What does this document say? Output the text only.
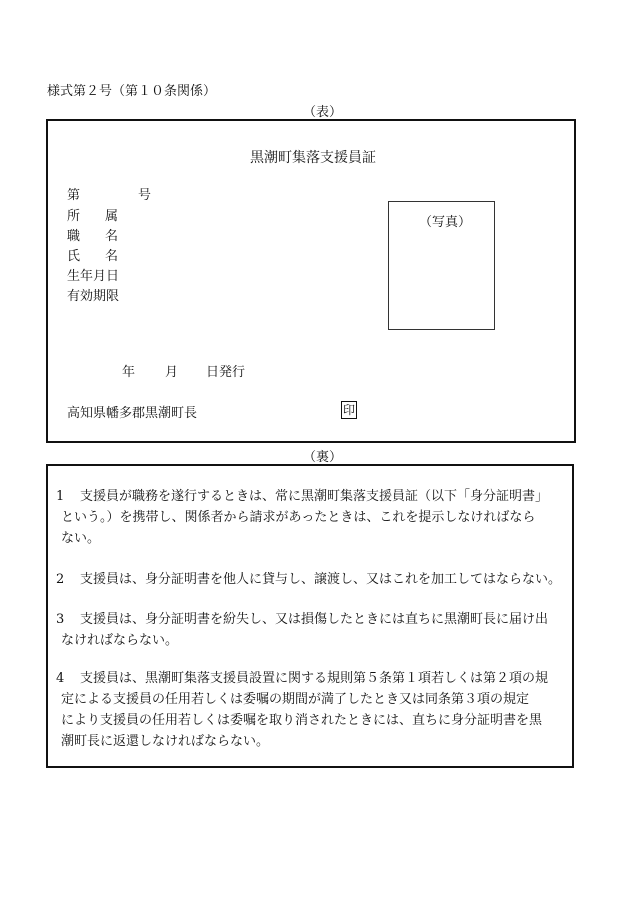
様式第２号（第１０条関係）
（表）
黒潮町集落支援員証
第	号
所 属
職 名
氏 名
生年月日
有効期限
（写真）
年 月 日発行
高知県幡多郡黒潮町長	印
（裏）
1	支援員が職務を遂行するときは、常に黒潮町集落支援員証（以下「身分証明書」
という。）を携帯し、関係者から請求があったときは、これを提示しなければなら
ない。
2	支援員は、身分証明書を他人に貸与し、譲渡し、又はこれを加工してはならない。
3	支援員は、身分証明書を紛失し、又は損傷したときには直ちに黒潮町長に届け出
なければならない。
4	支援員は、黒潮町集落支援員設置に関する規則第５条第１項若しくは第２項の規
定による支援員の任用若しくは委嘱の期間が満了したとき又は同条第３項の規定
により支援員の任用若しくは委嘱を取り消されたときには、直ちに身分証明書を黒
潮町長に返還しなければならない。
